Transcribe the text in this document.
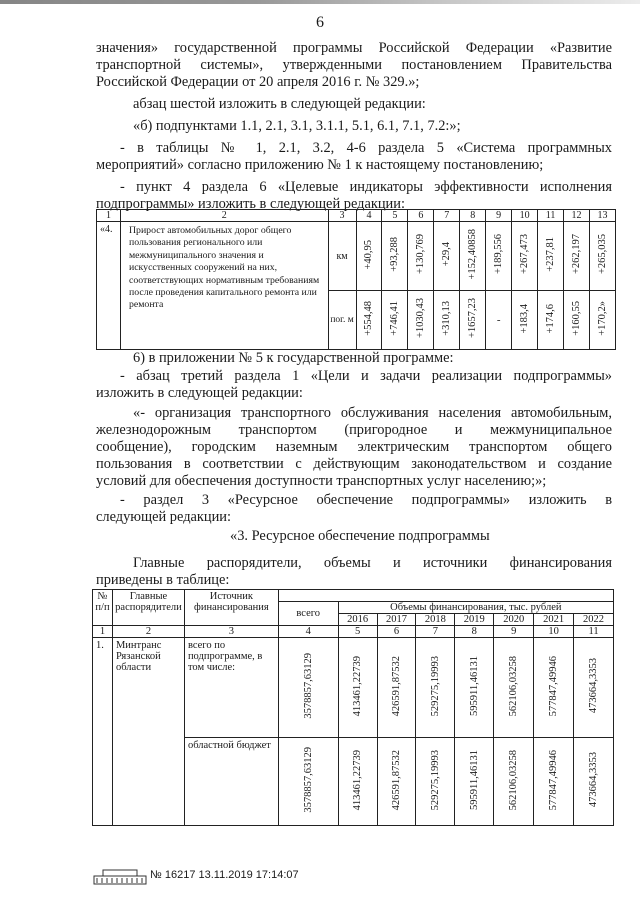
6
значения» государственной программы Российской Федерации «Развитие
транспортной системы», утвержденными постановлением Правительства
Российской Федерации от 20 апреля 2016 г. № 329.»;
абзац шестой изложить в следующей редакции:
«б) подпунктами 1.1, 2.1, 3.1, 3.1.1, 5.1, 6.1, 7.1, 7.2:»;
- в таблицы № 1, 2.1, 3.2, 4-6 раздела 5 «Система программных
мероприятий» согласно приложению № 1 к настоящему постановлению;
- пункт 4 раздела 6 «Целевые индикаторы эффективности исполнения
подпрограммы» изложить в следующей редакции:
1	2	3	4	5	6	7	8	9	10	11	12	13
«4.	Прирост автомобильных дорог общего пользования регионального или межмуниципального значения и искусственных сооружений на них, соответствующих нормативным требованиям после проведения капитального ремонта или ремонта	км	+40,95	+93,288	+130,769	+29,4	+152,40858	+189,556	+267,473	+237,81	+262,197	+265,035
		пог. м	+554,48	+746,41	+1030,43	+310,13	+1657,23	-	+183,4	+174,6	+160,55	+170,2»
6) в приложении № 5 к государственной программе:
- абзац третий раздела 1 «Цели и задачи реализации подпрограммы»
изложить в следующей редакции:
«- организация транспортного обслуживания населения автомобильным,
железнодорожным транспортом (пригородное и межмуниципальное
сообщение), городским наземным электрическим транспортом общего
пользования в соответствии с действующим законодательством и создание
условий для обеспечения доступности транспортных услуг населению;»;
- раздел 3 «Ресурсное обеспечение подпрограммы» изложить в
следующей редакции:
«3. Ресурсное обеспечение подпрограммы
Главные распорядители, объемы и источники финансирования
приведены в таблице:
№ п/п	Главные распорядители	Источник финансирования								
			всего	Объемы финансирования, тыс. рублей						
				2016	2017	2018	2019	2020	2021	2022
1	2	3	4	5	6	7	8	9	10	11
1.	Минтранс Рязанской области	всего по подпрограмме, в том числе:	3578857,63129	413461,22739	426591,87532	529275,19993	595911,46131	562106,03258	577847,49946	473664,3353
		областной бюджет	3578857,63129	413461,22739	426591,87532	529275,19993	595911,46131	562106,03258	577847,49946	473664,3353
№ 16217 13.11.2019 17:14:07
